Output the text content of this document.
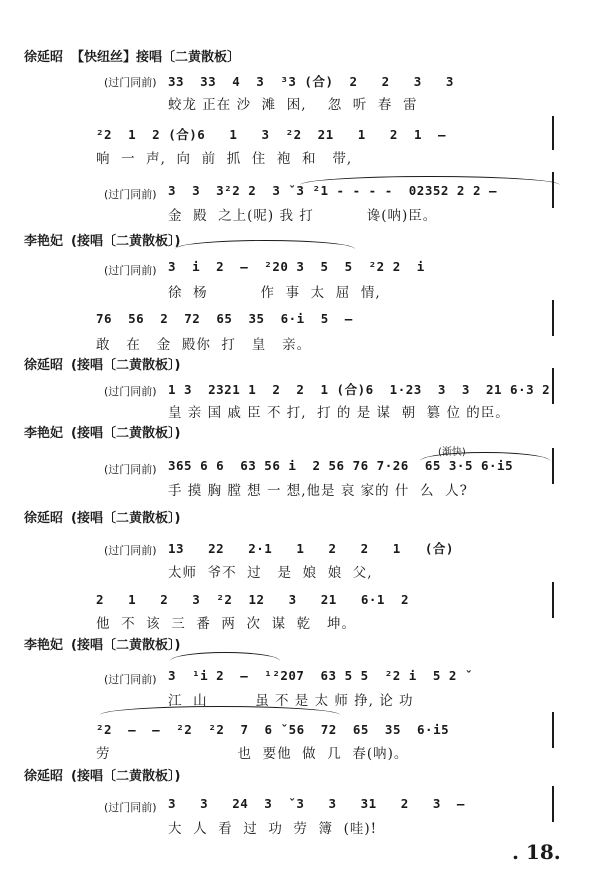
徐延昭 【快纽丝】接唱〔二黄散板〕
(过门同前) 33  33  4  3  ³3 (合)  2   2   3   3
蛟龙 正在 沙  滩  困,    忽  听  春  雷
²2  1  2 (合)6   1   3  ²2  21   1   2  1  –
响  一  声,  向  前  抓  住  袍  和   带,
(过门同前) 3  3  3²2 2  3 ˇ3 ²1 - - - -  02352 2 2 –
金  殿  之上(呢) 我 打          谗(呐)臣。
李艳妃 (接唱〔二黄散板〕)
(过门同前) 3  i  2  –  ²20 3  5  5  ²2 2  i
徐  杨          作  事  太  屈  情,
76  56  2  72  65  35  6·i  5  –
敢   在   金  殿你  打   皇   亲。
徐延昭 (接唱〔二黄散板〕)
(过门同前) 1 3  2321 1  2  2  1 (合)6  1·23  3  3  21 6·3 2
皇 亲 国 戚 臣 不 打,  打 的 是 谋  朝  篡 位 的臣。
李艳妃 (接唱〔二黄散板〕)
(渐快)
(过门同前) 365 6 6  63 56 i  2 56 76 7·26  65 3·5 6·i5
手 摸 胸 膛 想 一 想,他是 哀 家的 什  么  人?
徐延昭 (接唱〔二黄散板〕)
(过门同前) 13   22   2·1   1   2   2   1   (合)
太师  爷不  过   是  娘  娘  父,
2   1   2   3  ²2  12   3   21   6·1  2
他  不  该  三  番  两  次  谋  乾   坤。
李艳妃 (接唱〔二黄散板〕)
(过门同前) 3  ¹i 2  –  ¹²207  63 5 5  ²2 i  5 2 ˇ
江  山         虽 不 是 太 师 挣, 论 功
²2  –  –  ²2  ²2  7  6 ˇ56  72  65  35  6·i5
劳                        也  要他  做  几  春(呐)。
徐延昭 (接唱〔二黄散板〕)
(过门同前) 3   3   24  3  ˇ3   3   31   2   3  –
大  人  看  过  功  劳  簿  (哇)!
. 18.
